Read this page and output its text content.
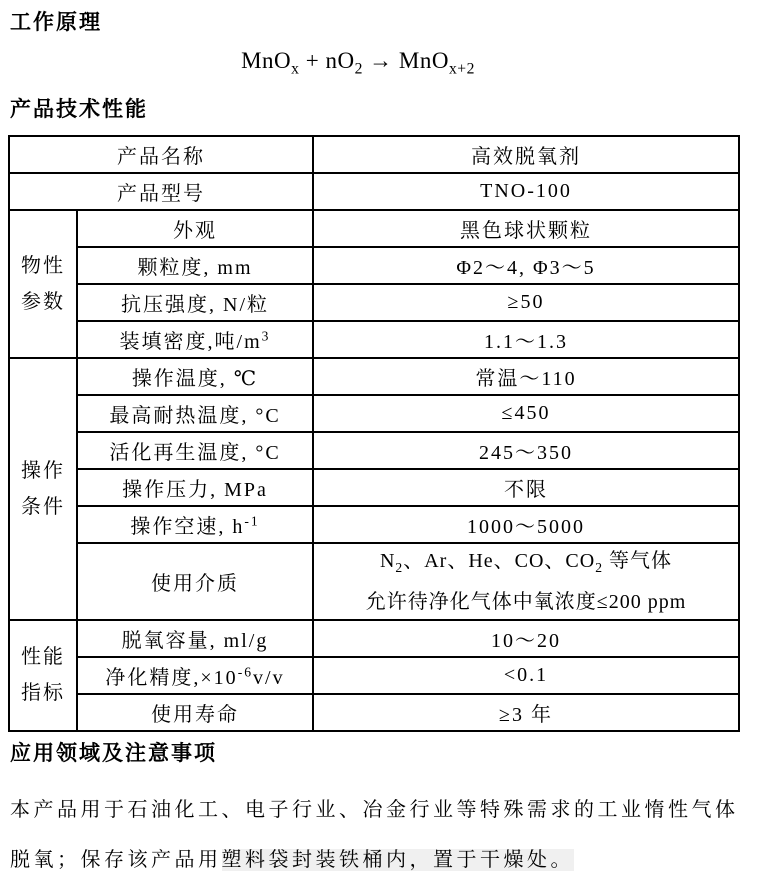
工作原理
$MnO_x + nO_2 \to MnO_{x+2}$
产品技术性能
产品名称		高效脱氧剂
产品型号		TNO-100
物性参数	外观	黑色球状颗粒
	颗粒度, mm	Φ2～4, Φ3～5
	抗压强度, N/粒	≥50
	装填密度,吨$/m^3$	1.1～1.3
操作条件	操作温度, ℃	常温～110
	最高耐热温度, °C	≤450
	活化再生温度, °C	245～350
	操作压力, MPa	不限
	操作空速, $h^{-1}$	1000～5000
	使用介质	$N_2$、Ar、He、CO、$CO_2$ 等气体
允许待净化气体中氧浓度≤200 ppm

性能指标	脱氧容量, ml/g	10～20
	净化精度$,\times 10^{-6}v/v$	<0.1
	使用寿命	≥3 年
应用领域及注意事项
本产品用于石油化工、电子行业、冶金行业等特殊需求的工业惰性气体
脱氧；保存该产品用塑料袋封装铁桶内，置于干燥处。
